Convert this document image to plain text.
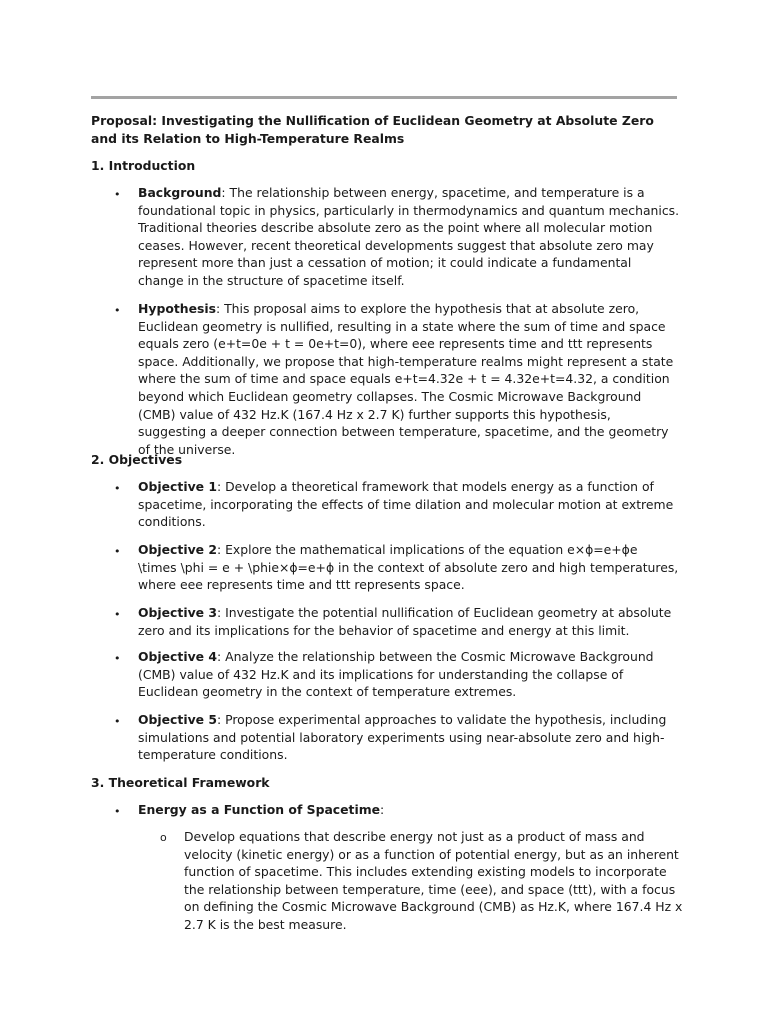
Proposal: Investigating the Nullification of Euclidean Geometry at Absolute Zero and its Relation to High-Temperature Realms

1. Introduction

• Background: The relationship between energy, spacetime, and temperature is a foundational topic in physics, particularly in thermodynamics and quantum mechanics. Traditional theories describe absolute zero as the point where all molecular motion ceases. However, recent theoretical developments suggest that absolute zero may represent more than just a cessation of motion; it could indicate a fundamental change in the structure of spacetime itself.

• Hypothesis: This proposal aims to explore the hypothesis that at absolute zero, Euclidean geometry is nullified, resulting in a state where the sum of time and space equals zero (e+t=0e + t = 0e+t=0), where eee represents time and ttt represents space. Additionally, we propose that high-temperature realms might represent a state where the sum of time and space equals e+t=4.32e + t = 4.32e+t=4.32, a condition beyond which Euclidean geometry collapses. The Cosmic Microwave Background (CMB) value of 432 Hz.K (167.4 Hz x 2.7 K) further supports this hypothesis, suggesting a deeper connection between temperature, spacetime, and the geometry of the universe.

2. Objectives

• Objective 1: Develop a theoretical framework that models energy as a function of spacetime, incorporating the effects of time dilation and molecular motion at extreme conditions.

• Objective 2: Explore the mathematical implications of the equation e×ϕ=e+ϕe \times \phi = e + \phie×ϕ=e+ϕ in the context of absolute zero and high temperatures, where eee represents time and ttt represents space.

• Objective 3: Investigate the potential nullification of Euclidean geometry at absolute zero and its implications for the behavior of spacetime and energy at this limit.

• Objective 4: Analyze the relationship between the Cosmic Microwave Background (CMB) value of 432 Hz.K and its implications for understanding the collapse of Euclidean geometry in the context of temperature extremes.

• Objective 5: Propose experimental approaches to validate the hypothesis, including simulations and potential laboratory experiments using near-absolute zero and high-temperature conditions.

3. Theoretical Framework

• Energy as a Function of Spacetime:

o Develop equations that describe energy not just as a product of mass and velocity (kinetic energy) or as a function of potential energy, but as an inherent function of spacetime. This includes extending existing models to incorporate the relationship between temperature, time (eee), and space (ttt), with a focus on defining the Cosmic Microwave Background (CMB) as Hz.K, where 167.4 Hz x 2.7 K is the best measure.
